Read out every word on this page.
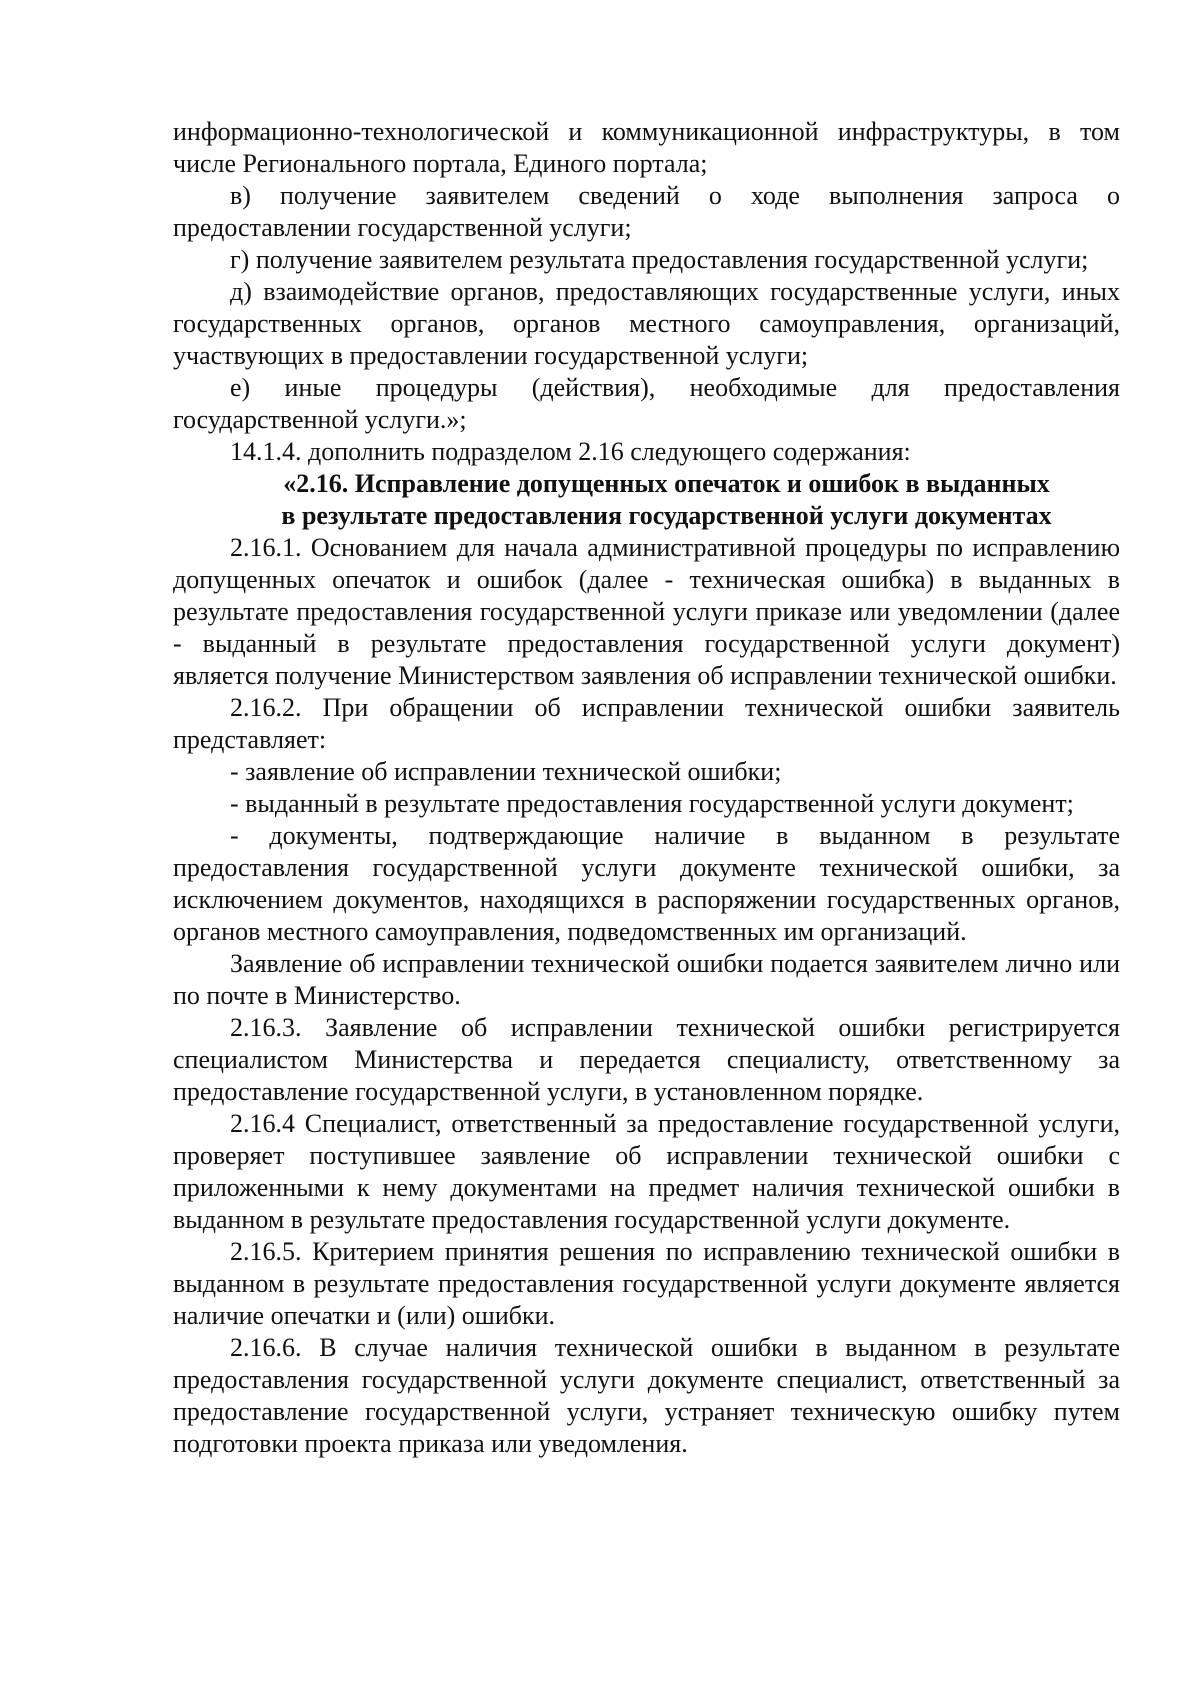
информационно-технологической и коммуникационной инфраструктуры, в том числе Регионального портала, Единого портала;

в) получение заявителем сведений о ходе выполнения запроса о предоставлении государственной услуги;

г) получение заявителем результата предоставления государственной услуги;

д) взаимодействие органов, предоставляющих государственные услуги, иных государственных органов, органов местного самоуправления, организаций, участвующих в предоставлении государственной услуги;

е) иные процедуры (действия), необходимые для предоставления государственной услуги.»;

14.1.4. дополнить подразделом 2.16 следующего содержания:

«2.16. Исправление допущенных опечаток и ошибок в выданных

в результате предоставления государственной услуги документах

2.16.1. Основанием для начала административной процедуры по исправлению допущенных опечаток и ошибок (далее - техническая ошибка) в выданных в результате предоставления государственной услуги приказе или уведомлении (далее - выданный в результате предоставления государственной услуги документ) является получение Министерством заявления об исправлении технической ошибки.

2.16.2. При обращении об исправлении технической ошибки заявитель представляет:

- заявление об исправлении технической ошибки;

- выданный в результате предоставления государственной услуги документ;

- документы, подтверждающие наличие в выданном в результате предоставления государственной услуги документе технической ошибки, за исключением документов, находящихся в распоряжении государственных органов, органов местного самоуправления, подведомственных им организаций.

Заявление об исправлении технической ошибки подается заявителем лично или по почте в Министерство.

2.16.3. Заявление об исправлении технической ошибки регистрируется специалистом Министерства и передается специалисту, ответственному за предоставление государственной услуги, в установленном порядке.

2.16.4 Специалист, ответственный за предоставление государственной услуги, проверяет поступившее заявление об исправлении технической ошибки с приложенными к нему документами на предмет наличия технической ошибки в выданном в результате предоставления государственной услуги документе.

2.16.5. Критерием принятия решения по исправлению технической ошибки в выданном в результате предоставления государственной услуги документе является наличие опечатки и (или) ошибки.

2.16.6. В случае наличия технической ошибки в выданном в результате предоставления государственной услуги документе специалист, ответственный за предоставление государственной услуги, устраняет техническую ошибку путем подготовки проекта приказа или уведомления.
